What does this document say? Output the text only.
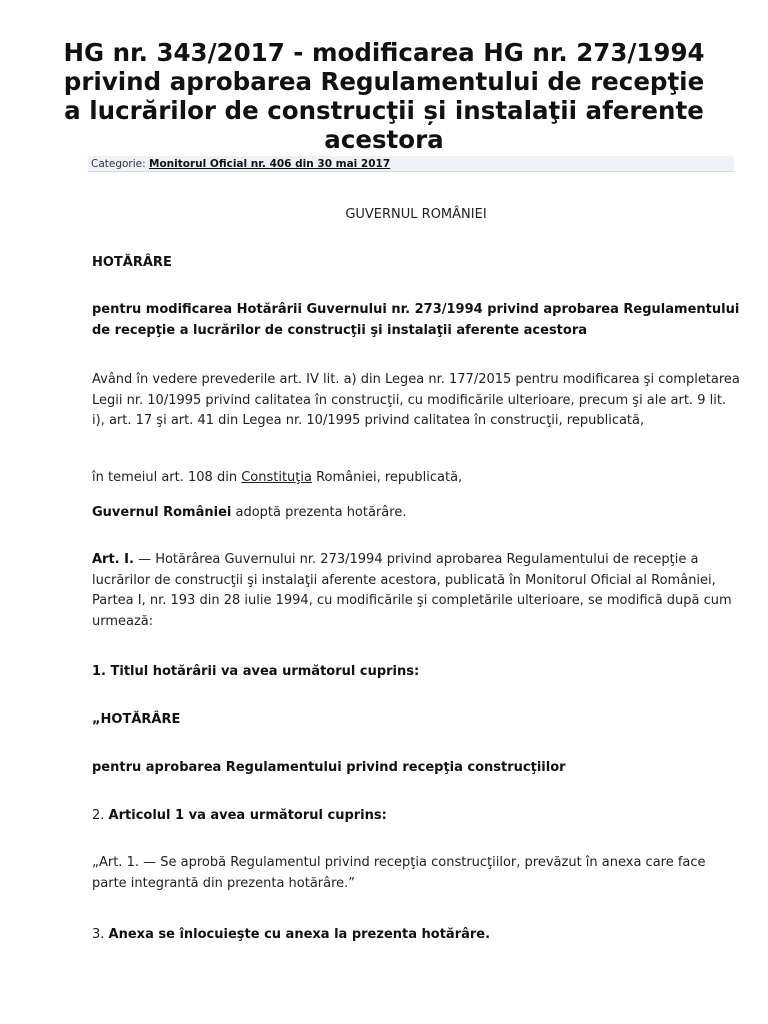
HG nr. 343/2017 - modificarea HG nr. 273/1994 privind aprobarea Regulamentului de recepţie a lucrărilor de construcţii și instalaţii aferente acestora
Categorie: Monitorul Oficial nr. 406 din 30 mai 2017
GUVERNUL ROMÂNIEI
HOTĂRÂRE
pentru modificarea Hotărârii Guvernului nr. 273/1994 privind aprobarea Regulamentului de recepţie a lucrărilor de construcţii şi instalaţii aferente acestora
Având în vedere prevederile art. IV lit. a) din Legea nr. 177/2015 pentru modificarea şi completarea Legii nr. 10/1995 privind calitatea în construcţii, cu modificările ulterioare, precum şi ale art. 9 lit. i), art. 17 şi art. 41 din Legea nr. 10/1995 privind calitatea în construcţii, republicată,
în temeiul art. 108 din Constituţia României, republicată,
Guvernul României adoptă prezenta hotărâre.
Art. I. — Hotărârea Guvernului nr. 273/1994 privind aprobarea Regulamentului de recepţie a lucrărilor de construcţii şi instalaţii aferente acestora, publicată în Monitorul Oficial al României, Partea I, nr. 193 din 28 iulie 1994, cu modificările şi completările ulterioare, se modifică după cum urmează:
1. Titlul hotărârii va avea următorul cuprins:
„HOTĂRÂRE
pentru aprobarea Regulamentului privind recepţia construcţiilor
2. Articolul 1 va avea următorul cuprins:
„Art. 1. — Se aprobă Regulamentul privind recepţia construcţiilor, prevăzut în anexa care face parte integrantă din prezenta hotărâre.”
3. Anexa se înlocuieşte cu anexa la prezenta hotărâre.
